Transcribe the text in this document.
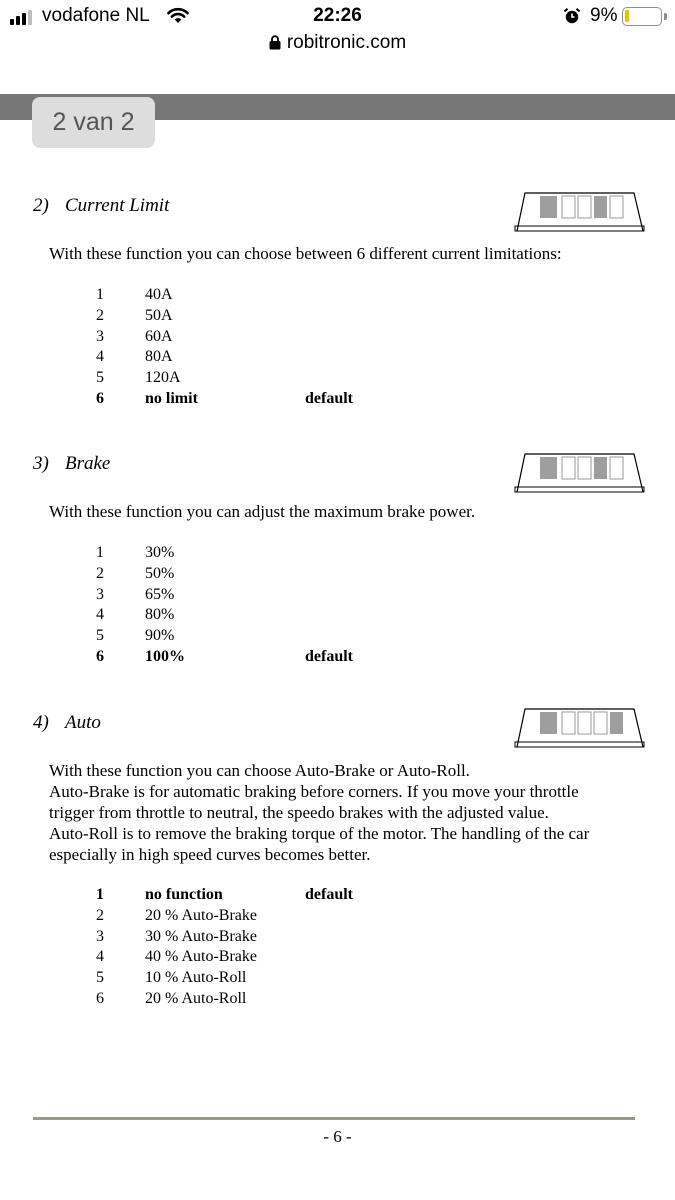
vodafone NL	22:26
robitronic.com
9%
2 van 2
2) Current Limit
With these function you can choose between 6 different current limitations:
1	40A
2	50A
3	60A
4	80A
5	120A
6	no limit	default
3) Brake
With these function you can adjust the maximum brake power.
1	30%
2	50%
3	65%
4	80%
5	90%
6	100%	default
4) Auto
With these function you can choose Auto-Brake or Auto-Roll.
Auto-Brake is for automatic braking before corners. If you move your throttle
trigger from throttle to neutral, the speedo brakes with the adjusted value.
Auto-Roll is to remove the braking torque of the motor. The handling of the car
especially in high speed curves becomes better.
1	no function	default
2	20 % Auto-Brake
3	30 % Auto-Brake
4	40 % Auto-Brake
5	10 % Auto-Roll
6	20 % Auto-Roll
- 6 -
